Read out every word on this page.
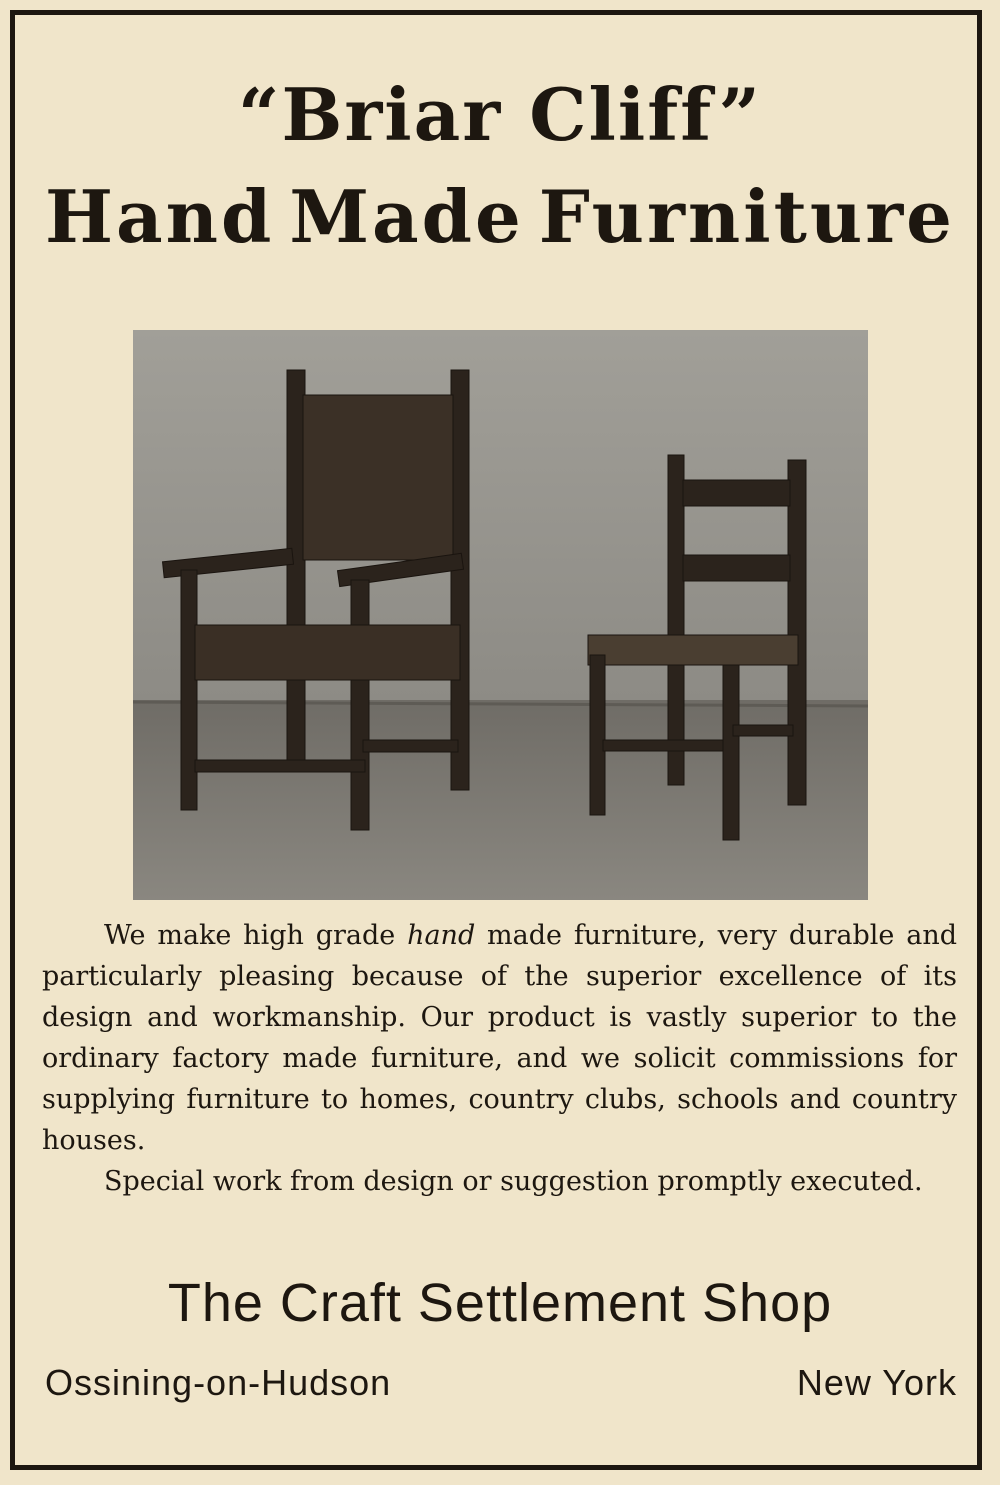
“Briar Cliff”
Hand Made Furniture

We make high grade hand made furniture, very durable and particularly pleasing because of the superior excellence of its design and workmanship. Our product is vastly superior to the ordinary factory made furniture, and we solicit commissions for supplying furniture to homes, country clubs, schools and country houses.

Special work from design or suggestion promptly executed.

The Craft Settlement Shop
Ossining-on-Hudson	New York
